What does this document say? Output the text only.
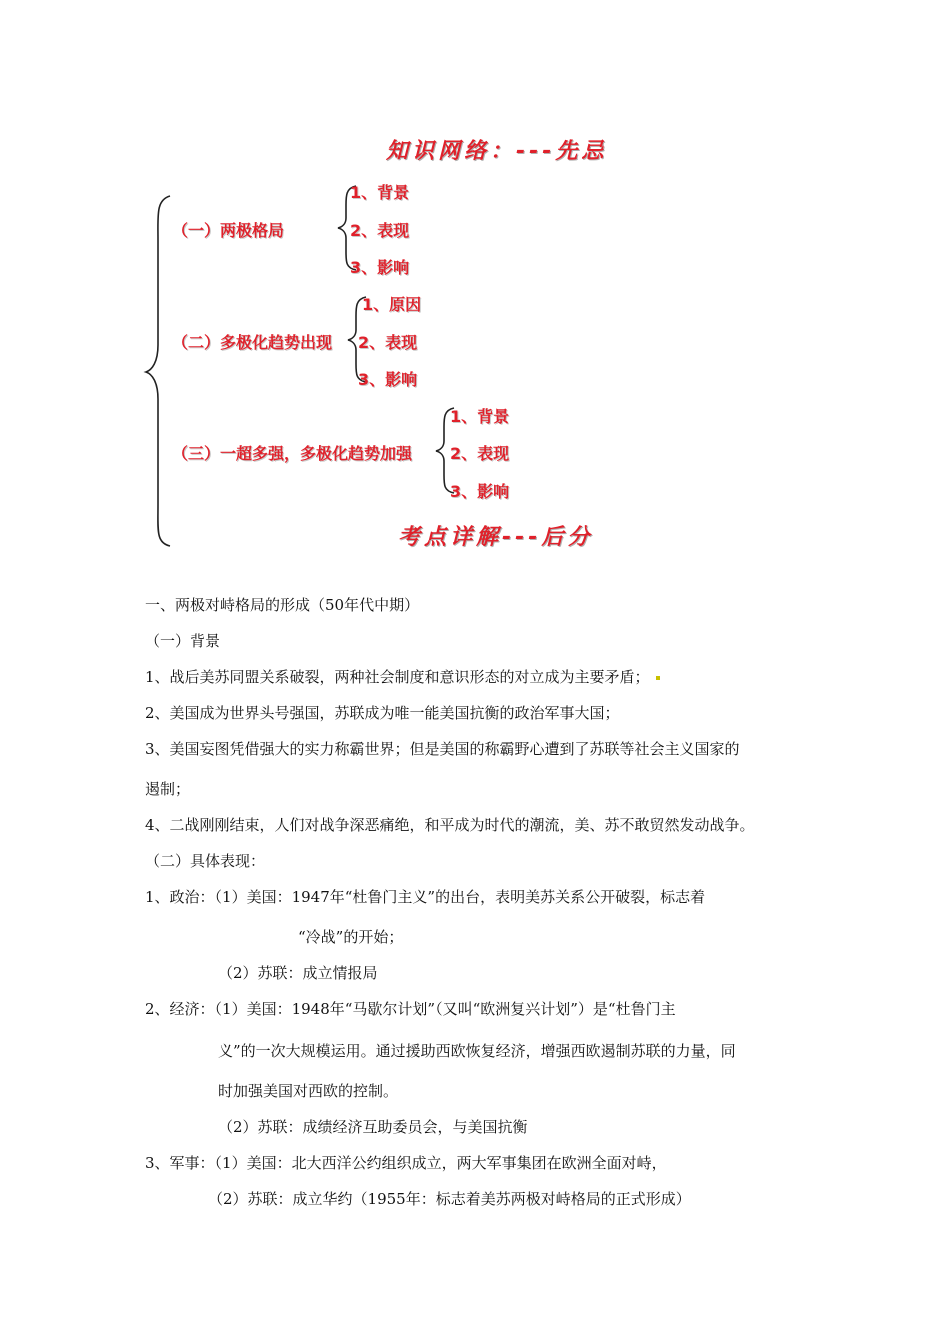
知识网络：---先忌
考点详解---后分
（一）两极格局
（二）多极化趋势出现
（三）一超多强，多极化趋势加强
1、背景
2、表现
3、影响
1、原因
2、表现
3、影响
1、背景
2、表现
3、影响
一、两极对峙格局的形成（50年代中期）
（一）背景
1、战后美苏同盟关系破裂，两种社会制度和意识形态的对立成为主要矛盾；
2、美国成为世界头号强国，苏联成为唯一能美国抗衡的政治军事大国；
3、美国妄图凭借强大的实力称霸世界；但是美国的称霸野心遭到了苏联等社会主义国家的
遏制；
4、二战刚刚结束，人们对战争深恶痛绝，和平成为时代的潮流，美、苏不敢贸然发动战争。
（二）具体表现：
1、政治：（1）美国：1947年“杜鲁门主义”的出台，表明美苏关系公开破裂，标志着
“冷战”的开始；
（2）苏联：成立情报局
2、经济：（1）美国：1948年“马歇尔计划”（又叫“欧洲复兴计划”）是“杜鲁门主
义”的一次大规模运用。通过援助西欧恢复经济，增强西欧遏制苏联的力量，同
时加强美国对西欧的控制。
（2）苏联：成绩经济互助委员会，与美国抗衡
3、军事：（1）美国：北大西洋公约组织成立，两大军事集团在欧洲全面对峙，
（2）苏联：成立华约（1955年：标志着美苏两极对峙格局的正式形成）
